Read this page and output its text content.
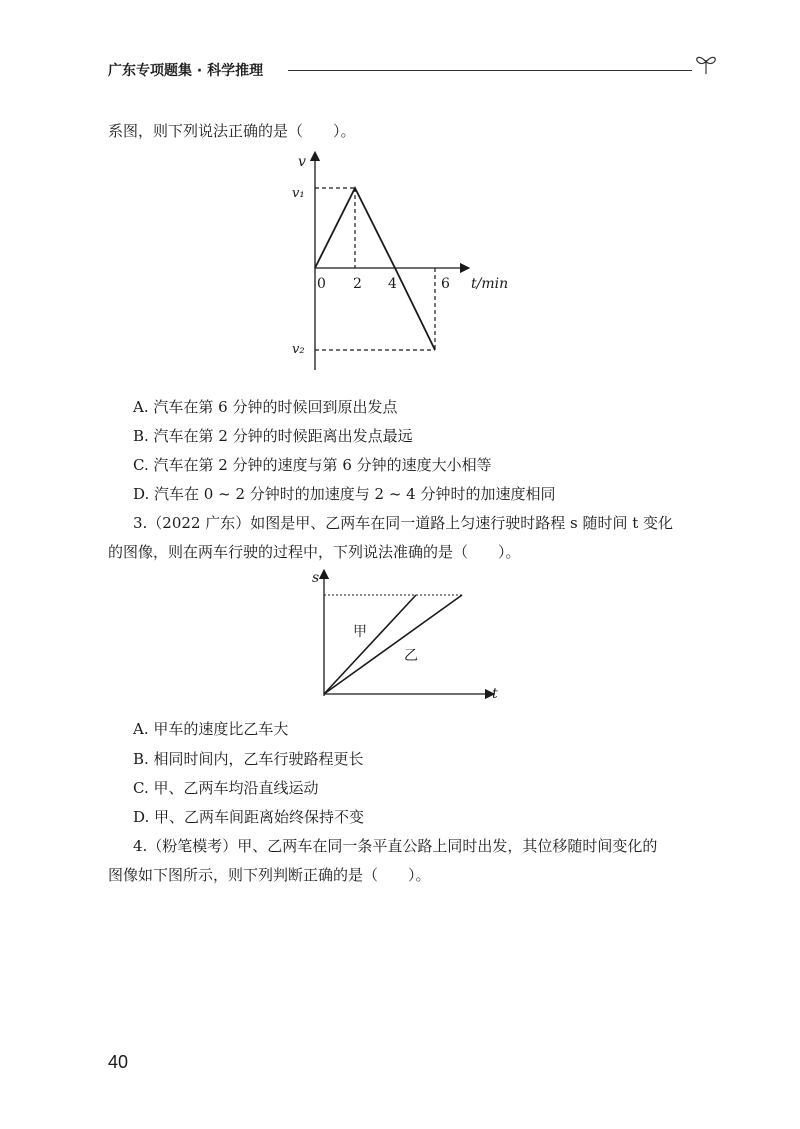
广东专项题集 · 科学推理
系图，则下列说法正确的是（　　）。
v
v₁
v₂
0 2 4	6 t/min
A. 汽车在第 6 分钟的时候回到原出发点
B. 汽车在第 2 分钟的时候距离出发点最远
C. 汽车在第 2 分钟的速度与第 6 分钟的速度大小相等
D. 汽车在 0 ~ 2 分钟时的加速度与 2 ~ 4 分钟时的加速度相同
3.（2022 广东）如图是甲、乙两车在同一道路上匀速行驶时路程 s 随时间 t 变化
的图像，则在两车行驶的过程中，下列说法准确的是（　　）。
s
t
甲
乙
A. 甲车的速度比乙车大
B. 相同时间内，乙车行驶路程更长
C. 甲、乙两车均沿直线运动
D. 甲、乙两车间距离始终保持不变
4.（粉笔模考）甲、乙两车在同一条平直公路上同时出发，其位移随时间变化的
图像如下图所示，则下列判断正确的是（　　）。
40
